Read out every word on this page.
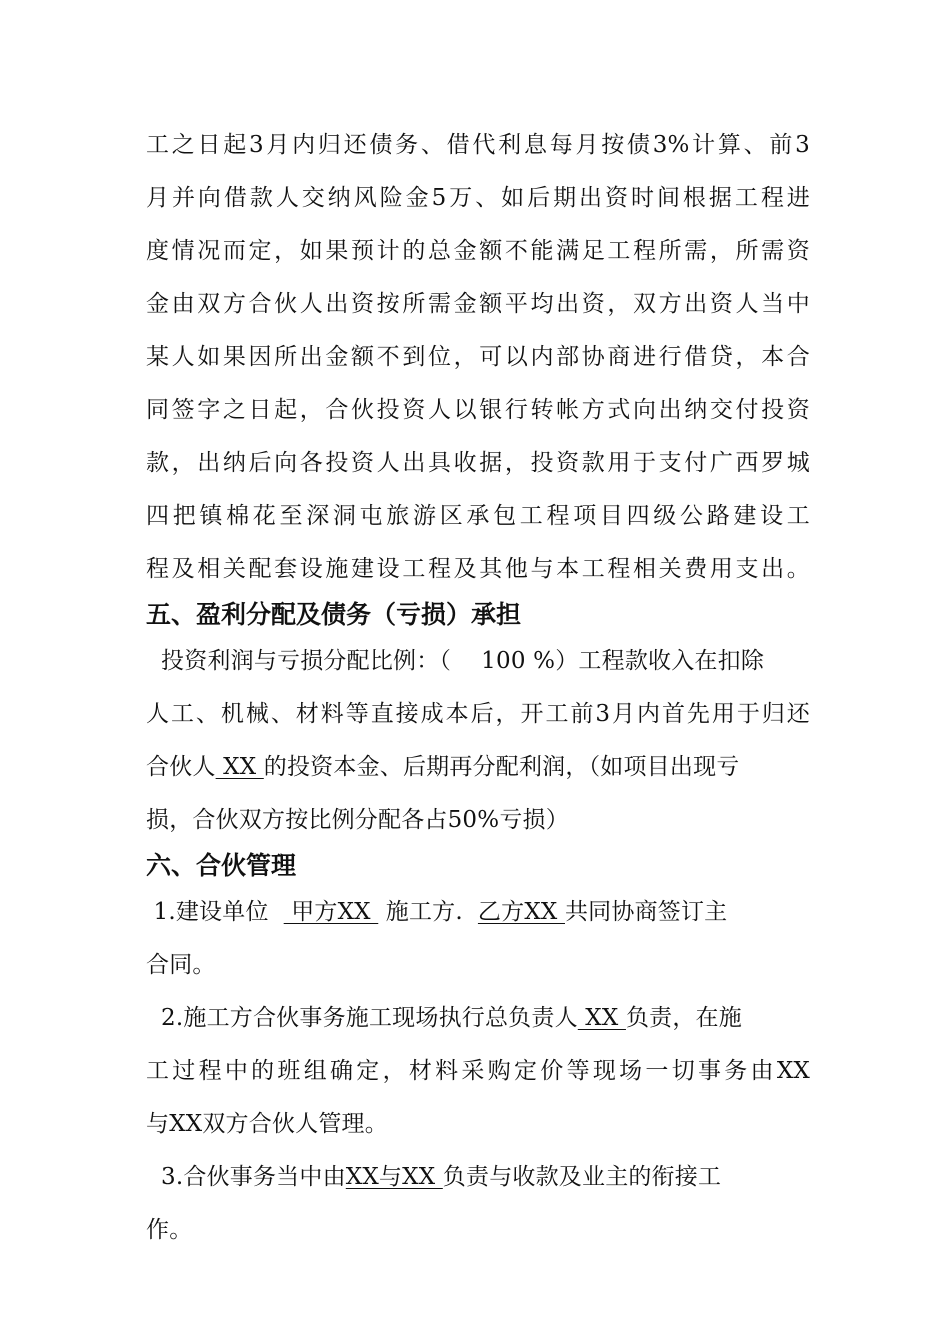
工之日起3月内归还债务、借代利息每月按债3%计算、前3
月并向借款人交纳风险金5万、如后期出资时间根据工程进
度情况而定，如果预计的总金额不能满足工程所需，所需资
金由双方合伙人出资按所需金额平均出资，双方出资人当中
某人如果因所出金额不到位，可以内部协商进行借贷，本合
同签字之日起，合伙投资人以银行转帐方式向出纳交付投资
款，出纳后向各投资人出具收据，投资款用于支付广西罗城
四把镇棉花至深洞屯旅游区承包工程项目四级公路建设工
程及相关配套设施建设工程及其他与本工程相关费用支出。
五、盈利分配及债务（亏损）承担
投资利润与亏损分配比例：（    100 %）工程款收入在扣除
人工、机械、材料等直接成本后，开工前3月内首先用于归还
合伙人 XX 的投资本金、后期再分配利润，（如项目出现亏
损，合伙双方按比例分配各占50%亏损）
六、合伙管理
1.建设单位   甲方XX  施工方.  乙方XX 共同协商签订主
合同。
2.施工方合伙事务施工现场执行总负责人 XX 负责，在施
工过程中的班组确定，材料采购定价等现场一切事务由XX
与XX双方合伙人管理。
3.合伙事务当中由XX与XX 负责与收款及业主的衔接工
作。
